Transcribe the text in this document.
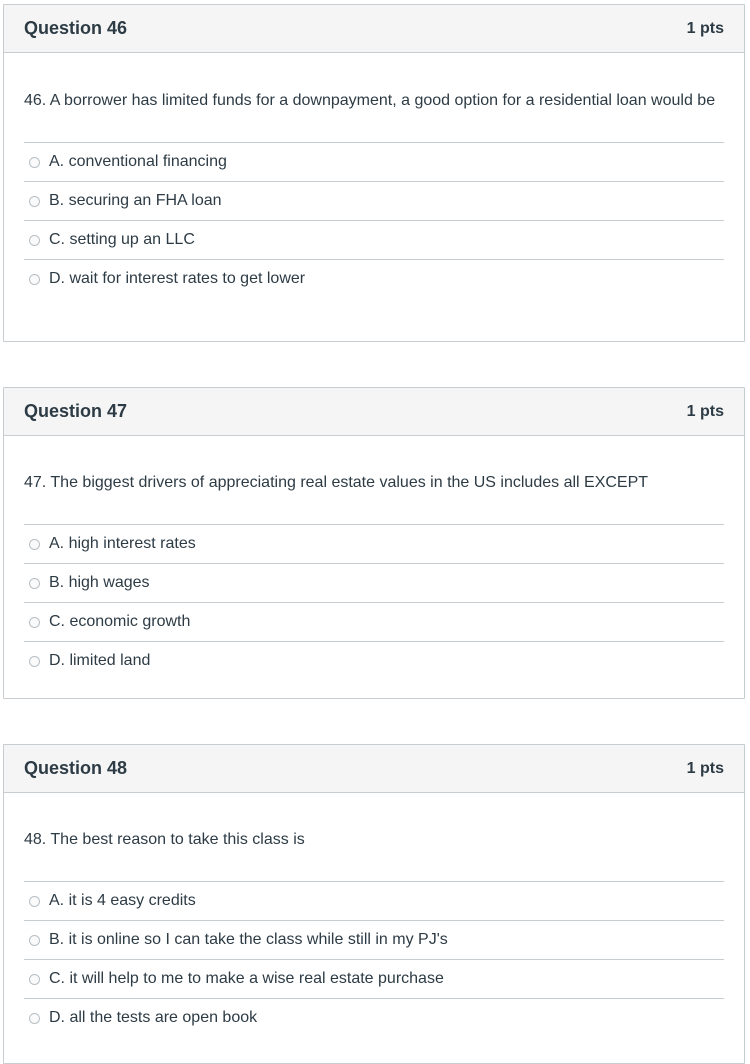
Question 46	1 pts
46. A borrower has limited funds for a downpayment, a good option for a residential loan would be
A. conventional financing
B. securing an FHA loan
C. setting up an LLC
D. wait for interest rates to get lower
Question 47	1 pts
47. The biggest drivers of appreciating real estate values in the US includes all EXCEPT
A. high interest rates
B. high wages
C. economic growth
D. limited land
Question 48	1 pts
48. The best reason to take this class is
A. it is 4 easy credits
B. it is online so I can take the class while still in my PJ's
C. it will help to me to make a wise real estate purchase
D. all the tests are open book
